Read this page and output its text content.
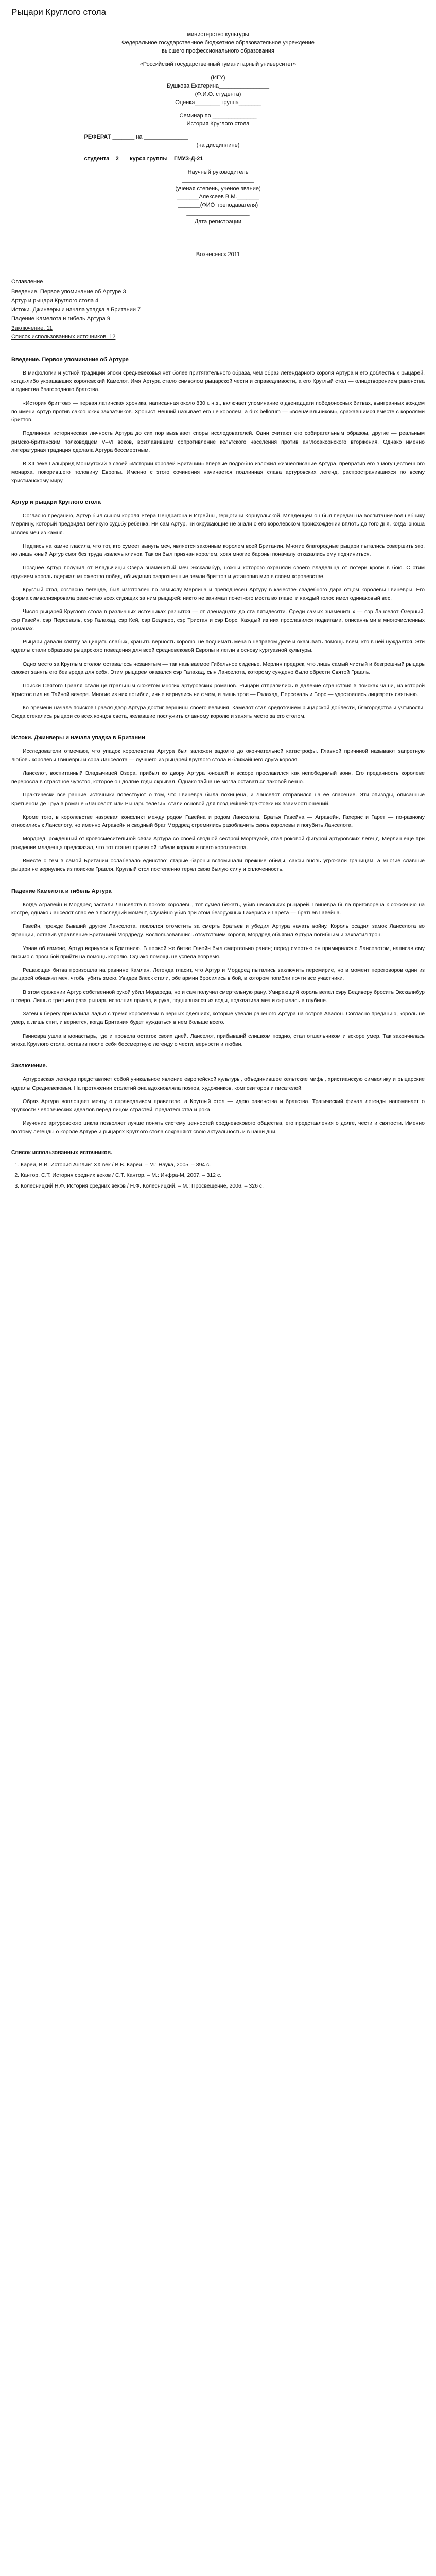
Рыцари Круглого стола
министерство культуры
Федеральное государственное бюджетное образовательное учреждение
высшего профессионального образования
«Российский государственный гуманитарный университет»
(ИГУ)
Бушкова Екатерина________________
(Ф.И.О. студента)
Оценка________ группа_______
Семинар по ______________
История Круглого стола
РЕФЕРАТ _______ на ______________
(на дисциплине)
студента__2___ курса группы__ГМУЗ-Д-21______
Научный руководитель
_______________________
(ученая степень, ученое звание)
_______Алексеев В.М._______
_______(ФИО преподавателя)
____________________
Дата регистрации
Вознесенск 2011
Оглавление
Введение. Первое упоминание об Артуре 3
Артур и рыцари Круглого стола 4
Истоки. Джинверы и начала упадка в Британии 7
Падение Камелота и гибель Артура 9
Заключение. 11
Список использованных источников. 12
Введение. Первое упоминание об Артуре

В мифологии и устной традиции эпохи средневековья нет более притягательного образа, чем образ легендарного короля Артура и его доблестных рыцарей, когда-либо украшавших королевский Камелот. Имя Артура стало символом рыцарской чести и справедливости, а его Круглый стол — олицетворением равенства и единства благородного братства.

«История бриттов» — первая латинская хроника, написанная около 830 г. н.э., включает упоминание о двенадцати победоносных битвах, выигранных вождем по имени Артур против саксонских захватчиков. Хронист Ненний называет его не королем, а dux bellorum — «военачальником», сражавшимся вместе с королями бриттов.

Подлинная историческая личность Артура до сих пор вызывает споры исследователей. Одни считают его собирательным образом, другие — реальным римско-британским полководцем V–VI веков, возглавившим сопротивление кельтского населения против англосаксонского вторжения. Однако именно литературная традиция сделала Артура бессмертным.

В XII веке Гальфрид Монмутский в своей «Истории королей Британии» впервые подробно изложил жизнеописание Артура, превратив его в могущественного монарха, покорившего половину Европы. Именно с этого сочинения начинается подлинная слава артуровских легенд, распространившихся по всему христианскому миру.

Артур и рыцари Круглого стола

Согласно преданию, Артур был сыном короля Утера Пендрагона и Игрейны, герцогини Корнуольской. Младенцем он был передан на воспитание волшебнику Мерлину, который предвидел великую судьбу ребенка. Ни сам Артур, ни окружающие не знали о его королевском происхождении вплоть до того дня, когда юноша извлек меч из камня.

Надпись на камне гласила, что тот, кто сумеет вынуть меч, является законным королем всей Британии. Многие благородные рыцари пытались совершить это, но лишь юный Артур смог без труда извлечь клинок. Так он был признан королем, хотя многие бароны поначалу отказались ему подчиниться.

Позднее Артур получил от Владычицы Озера знаменитый меч Экскалибур, ножны которого охраняли своего владельца от потери крови в бою. С этим оружием король одержал множество побед, объединив разрозненные земли бриттов и установив мир в своем королевстве.

Круглый стол, согласно легенде, был изготовлен по замыслу Мерлина и преподнесен Артуру в качестве свадебного дара отцом королевы Гвиневры. Его форма символизировала равенство всех сидящих за ним рыцарей: никто не занимал почетного места во главе, и каждый голос имел одинаковый вес.

Число рыцарей Круглого стола в различных источниках разнится — от двенадцати до ста пятидесяти. Среди самых знаменитых — сэр Ланселот Озерный, сэр Гавейн, сэр Персеваль, сэр Галахад, сэр Кей, сэр Бедивер, сэр Тристан и сэр Борс. Каждый из них прославился подвигами, описанными в многочисленных романах.

Рыцари давали клятву защищать слабых, хранить верность королю, не поднимать меча в неправом деле и оказывать помощь всем, кто в ней нуждается. Эти идеалы стали образцом рыцарского поведения для всей средневековой Европы и легли в основу куртуазной культуры.

Одно место за Круглым столом оставалось незанятым — так называемое Гибельное сиденье. Мерлин предрек, что лишь самый чистый и безгрешный рыцарь сможет занять его без вреда для себя. Этим рыцарем оказался сэр Галахад, сын Ланселота, которому суждено было обрести Святой Грааль.

Поиски Святого Грааля стали центральным сюжетом многих артуровских романов. Рыцари отправились в далекие странствия в поисках чаши, из которой Христос пил на Тайной вечере. Многие из них погибли, иные вернулись ни с чем, и лишь трое — Галахад, Персеваль и Борс — удостоились лицезреть святыню.

Ко времени начала поисков Грааля двор Артура достиг вершины своего величия. Камелот стал средоточием рыцарской доблести, благородства и учтивости. Сюда стекались рыцари со всех концов света, желавшие послужить славному королю и занять место за его столом.

Истоки. Джинверы и начала упадка в Британии

Исследователи отмечают, что упадок королевства Артура был заложен задолго до окончательной катастрофы. Главной причиной называют запретную любовь королевы Гвиневры и сэра Ланселота — лучшего из рыцарей Круглого стола и ближайшего друга короля.

Ланселот, воспитанный Владычицей Озера, прибыл ко двору Артура юношей и вскоре прославился как непобедимый воин. Его преданность королеве переросла в страстное чувство, которое он долгие годы скрывал. Однако тайна не могла оставаться таковой вечно.

Практически все ранние источники повествуют о том, что Гвиневра была похищена, и Ланселот отправился на ее спасение. Эти эпизоды, описанные Кретьеном де Труа в романе «Ланселот, или Рыцарь телеги», стали основой для позднейшей трактовки их взаимоотношений.

Кроме того, в королевстве назревал конфликт между родом Гавейна и родом Ланселота. Братья Гавейна — Агравейн, Гахерис и Гарет — по-разному относились к Ланселоту, но именно Агравейн и сводный брат Мордред стремились разоблачить связь королевы и погубить Ланселота.

Мордред, рожденный от кровосмесительной связи Артура со своей сводной сестрой Моргаузой, стал роковой фигурой артуровских легенд. Мерлин еще при рождении младенца предсказал, что тот станет причиной гибели короля и всего королевства.

Вместе с тем в самой Британии ослабевало единство: старые бароны вспоминали прежние обиды, саксы вновь угрожали границам, а многие славные рыцари не вернулись из поисков Грааля. Круглый стол постепенно терял свою былую силу и сплоченность.

Падение Камелота и гибель Артура

Когда Агравейн и Мордред застали Ланселота в покоях королевы, тот сумел бежать, убив нескольких рыцарей. Гвиневра была приговорена к сожжению на костре, однако Ланселот спас ее в последний момент, случайно убив при этом безоружных Гахериса и Гарета — братьев Гавейна.

Гавейн, прежде бывший другом Ланселота, поклялся отомстить за смерть братьев и убедил Артура начать войну. Король осадил замок Ланселота во Франции, оставив управление Британией Мордреду. Воспользовавшись отсутствием короля, Мордред объявил Артура погибшим и захватил трон.

Узнав об измене, Артур вернулся в Британию. В первой же битве Гавейн был смертельно ранен; перед смертью он примирился с Ланселотом, написав ему письмо с просьбой прийти на помощь королю. Однако помощь не успела вовремя.

Решающая битва произошла на равнине Камлан. Легенда гласит, что Артур и Мордред пытались заключить перемирие, но в момент переговоров один из рыцарей обнажил меч, чтобы убить змею. Увидев блеск стали, обе армии бросились в бой, в котором погибли почти все участники.

В этом сражении Артур собственной рукой убил Мордреда, но и сам получил смертельную рану. Умирающий король велел сэру Бедиверу бросить Экскалибур в озеро. Лишь с третьего раза рыцарь исполнил приказ, и рука, поднявшаяся из воды, подхватила меч и скрылась в глубине.

Затем к берегу причалила ладья с тремя королевами в черных одеяниях, которые увезли раненого Артура на остров Авалон. Согласно преданию, король не умер, а лишь спит, и вернется, когда Британия будет нуждаться в нем больше всего.

Гвиневра ушла в монастырь, где и провела остаток своих дней. Ланселот, прибывший слишком поздно, стал отшельником и вскоре умер. Так закончилась эпоха Круглого стола, оставив после себя бессмертную легенду о чести, верности и любви.

Заключение.

Артуровская легенда представляет собой уникальное явление европейской культуры, объединившее кельтские мифы, христианскую символику и рыцарские идеалы Средневековья. На протяжении столетий она вдохновляла поэтов, художников, композиторов и писателей.

Образ Артура воплощает мечту о справедливом правителе, а Круглый стол — идею равенства и братства. Трагический финал легенды напоминает о хрупкости человеческих идеалов перед лицом страстей, предательства и рока.

Изучение артуровского цикла позволяет лучше понять систему ценностей средневекового общества, его представления о долге, чести и святости. Именно поэтому легенды о короле Артуре и рыцарях Круглого стола сохраняют свою актуальность и в наши дни.

Список использованных источников.
1. Кареи, В.В. История Англии: XX век / В.В. Кареи. – М.: Наука, 2005. – 394 с.
2. Кантор, С.Т. История средних веков / С.Т. Кантор. – М.: Инфра-М, 2007. – 312 с.
3. Колесницкий Н.Ф. История средних веков / Н.Ф. Колесницкий. – М.: Просвещение, 2006. – 326 с.
